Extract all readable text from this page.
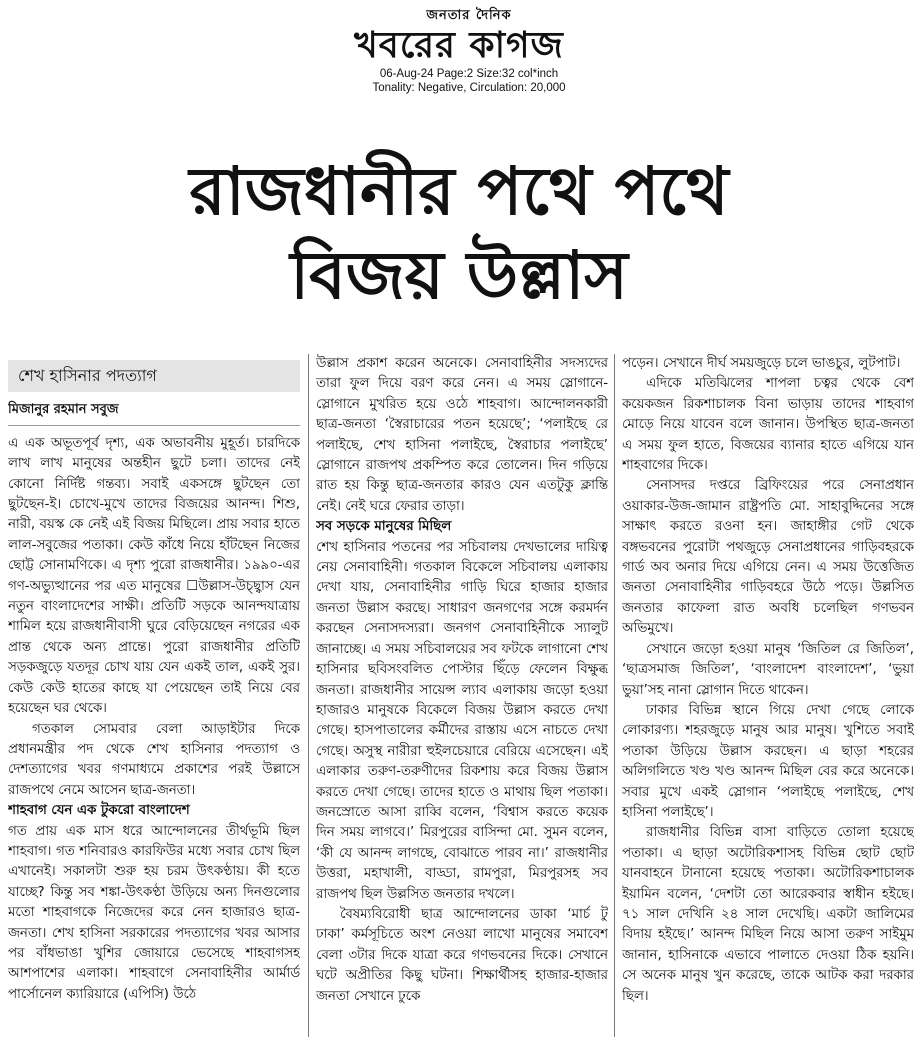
জনতার দৈনিক
খবরের কাগজ
06-Aug-24 Page:2 Size:32 col*inch
Tonality: Negative, Circulation: 20,000
রাজধানীর পথে পথে
বিজয় উল্লাস
শেখ হাসিনার পদত্যাগ
মিজানুর রহমান সবুজ

এ এক অভূতপূর্ব দৃশ্য, এক অভাবনীয় মুহূর্ত। চারদিকে লাখ লাখ মানুষের অন্তহীন ছুটে চলা। তাদের নেই কোনো নির্দিষ্ট গন্তব্য। সবাই একসঙ্গে ছুটছেন তো ছুটছেন-ই। চোখে-মুখে তাদের বিজয়ের আনন্দ। শিশু, নারী, বয়স্ক কে নেই এই বিজয় মিছিলে। প্রায় সবার হাতে লাল-সবুজের পতাকা। কেউ কাঁধে নিয়ে হাঁটছেন নিজের ছোট্ট সোনামণিকে। এ দৃশ্য পুরো রাজধানীর। ১৯৯০-এর গণ-অভ্যুত্থানের পর এত মানুষের ☐উল্লাস-উচ্ছ্বাস যেন নতুন বাংলাদেশের সাক্ষী। প্রতিটি সড়কে আনন্দযাত্রায় শামিল হয়ে রাজধানীবাসী ঘুরে বেড়িয়েছেন নগরের এক প্রান্ত থেকে অন্য প্রান্তে। পুরো রাজধানীর প্রতিটি সড়কজুড়ে যতদূর চোখ যায় যেন একই তাল, একই সুর। কেউ কেউ হাতের কাছে যা পেয়েছেন তাই নিয়ে বের হয়েছেন ঘর থেকে।

গতকাল সোমবার বেলা আড়াইটার দিকে প্রধানমন্ত্রীর পদ থেকে শেখ হাসিনার পদত্যাগ ও দেশত্যাগের খবর গণমাধ্যমে প্রকাশের পরই উল্লাসে রাজপথে নেমে আসেন ছাত্র-জনতা।

শাহবাগ যেন এক টুকরো বাংলাদেশ

গত প্রায় এক মাস ধরে আন্দোলনের তীর্থভূমি ছিল শাহবাগ। গত শনিবারও কারফিউর মধ্যে সবার চোখ ছিল এখানেই। সকালটা শুরু হয় চরম উৎকণ্ঠায়। কী হতে যাচ্ছে? কিন্তু সব শঙ্কা-উৎকণ্ঠা উড়িয়ে অন্য দিনগুলোর মতো শাহবাগকে নিজেদের করে নেন হাজারও ছাত্র-জনতা। শেখ হাসিনা সরকারের পদত্যাগের খবর আসার পর বাঁধভাঙা খুশির জোয়ারে ভেসেছে শাহবাগসহ আশপাশের এলাকা। শাহবাগে সেনাবাহিনীর আর্মার্ড পার্সোনেল ক্যারিয়ারে (এপিসি) উঠে

উল্লাস প্রকাশ করেন অনেকে। সেনাবাহিনীর সদস্যদের তারা ফুল দিয়ে বরণ করে নেন। এ সময় স্লোগানে-স্লোগানে মুখরিত হয়ে ওঠে শাহবাগ। আন্দোলনকারী ছাত্র-জনতা ‘স্বৈরাচারের পতন হয়েছে’; ‘পলাইছে রে পলাইছে, শেখ হাসিনা পলাইছে, স্বৈরাচার পলাইছে’ স্লোগানে রাজপথ প্রকম্পিত করে তোলেন। দিন গড়িয়ে রাত হয় কিন্তু ছাত্র-জনতার কারও যেন এতটুকু ক্লান্তি নেই। নেই ঘরে ফেরার তাড়া।

সব সড়কে মানুষের মিছিল

শেখ হাসিনার পতনের পর সচিবালয় দেখভালের দায়িত্ব নেয় সেনাবাহিনী। গতকাল বিকেলে সচিবালয় এলাকায় দেখা যায়, সেনাবাহিনীর গাড়ি ঘিরে হাজার হাজার জনতা উল্লাস করছে। সাধারণ জনগণের সঙ্গে করমর্দন করছেন সেনাসদস্যরা। জনগণ সেনাবাহিনীকে স্যালুট জানাচ্ছে। এ সময় সচিবালয়ের সব ফটকে লাগানো শেখ হাসিনার ছবিসংবলিত পোস্টার ছিঁড়ে ফেলেন বিক্ষুব্ধ জনতা। রাজধানীর সায়েন্স ল্যাব এলাকায় জড়ো হওয়া হাজারও মানুষকে বিকেলে বিজয় উল্লাস করতে দেখা গেছে। হাসপাতালের কর্মীদের রাস্তায় এসে নাচতে দেখা গেছে। অসুস্থ নারীরা হুইলচেয়ারে বেরিয়ে এসেছেন। এই এলাকার তরুণ-তরুণীদের রিকশায় করে বিজয় উল্লাস করতে দেখা গেছে। তাদের হাতে ও মাথায় ছিল পতাকা। জনস্রোতে আসা রাব্বি বলেন, ‘বিশ্বাস করতে কয়েক দিন সময় লাগবে।’ মিরপুরের বাসিন্দা মো. সুমন বলেন, ‘কী যে আনন্দ লাগছে, বোঝাতে পারব না।’ রাজধানীর উত্তরা, মহাখালী, বাড্ডা, রামপুরা, মিরপুরসহ সব রাজপথ ছিল উল্লসিত জনতার দখলে।

বৈষম্যবিরোধী ছাত্র আন্দোলনের ডাকা ‘মার্চ টু ঢাকা’ কর্মসূচিতে অংশ নেওয়া লাখো মানুষের সমাবেশ বেলা ৩টার দিকে যাত্রা করে গণভবনের দিকে। সেখানে ঘটে অপ্রীতির কিছু ঘটনা। শিক্ষার্থীসহ হাজার-হাজার জনতা সেখানে ঢুকে

পড়েন। সেখানে দীর্ঘ সময়জুড়ে চলে ভাঙচুর, লুটপাট।

এদিকে মতিঝিলের শাপলা চত্বর থেকে বেশ কয়েকজন রিকশাচালক বিনা ভাড়ায় তাদের শাহবাগ মোড়ে নিয়ে যাবেন বলে জানান। উপস্থিত ছাত্র-জনতা এ সময় ফুল হাতে, বিজয়ের ব্যানার হাতে এগিয়ে যান শাহবাগের দিকে।

সেনাসদর দপ্তরে ব্রিফিংয়ের পরে সেনাপ্রধান ওয়াকার-উজ-জামান রাষ্ট্রপতি মো. সাহাবুদ্দিনের সঙ্গে সাক্ষাৎ করতে রওনা হন। জাহাঙ্গীর গেট থেকে বঙ্গভবনের পুরোটা পথজুড়ে সেনাপ্রধানের গাড়িবহরকে গার্ড অব অনার দিয়ে এগিয়ে নেন। এ সময় উত্তেজিত জনতা সেনাবাহিনীর গাড়িবহরে উঠে পড়ে। উল্লসিত জনতার কাফেলা রাত অবধি চলেছিল গণভবন অভিমুখে।

সেখানে জড়ো হওয়া মানুষ ‘জিতিল রে জিতিল’, ‘ছাত্রসমাজ জিতিল’, ‘বাংলাদেশ বাংলাদেশ’, ‘ভুয়া ভুয়া’সহ নানা স্লোগান দিতে থাকেন।

ঢাকার বিভিন্ন স্থানে গিয়ে দেখা গেছে লোকে লোকারণ্য। শহরজুড়ে মানুষ আর মানুষ। খুশিতে সবাই পতাকা উড়িয়ে উল্লাস করছেন। এ ছাড়া শহরের অলিগলিতে খণ্ড খণ্ড আনন্দ মিছিল বের করে অনেকে। সবার মুখে একই স্লোগান ‘পলাইছে পলাইছে, শেখ হাসিনা পলাইছে’।

রাজধানীর বিভিন্ন বাসা বাড়িতে তোলা হয়েছে পতাকা। এ ছাড়া অটোরিকশাসহ বিভিন্ন ছোট ছোট যানবাহনে টানানো হয়েছে পতাকা। অটোরিকশাচালক ইয়ামিন বলেন, ‘দেশটা তো আরেকবার স্বাধীন হইছে। ৭১ সাল দেখিনি ২৪ সাল দেখেছি। একটা জালিমের বিদায় হইছে।’ আনন্দ মিছিল নিয়ে আসা তরুণ সাইমুম জানান, হাসিনাকে এভাবে পালাতে দেওয়া ঠিক হয়নি। সে অনেক মানুষ খুন করেছে, তাকে আটক করা দরকার ছিল।
